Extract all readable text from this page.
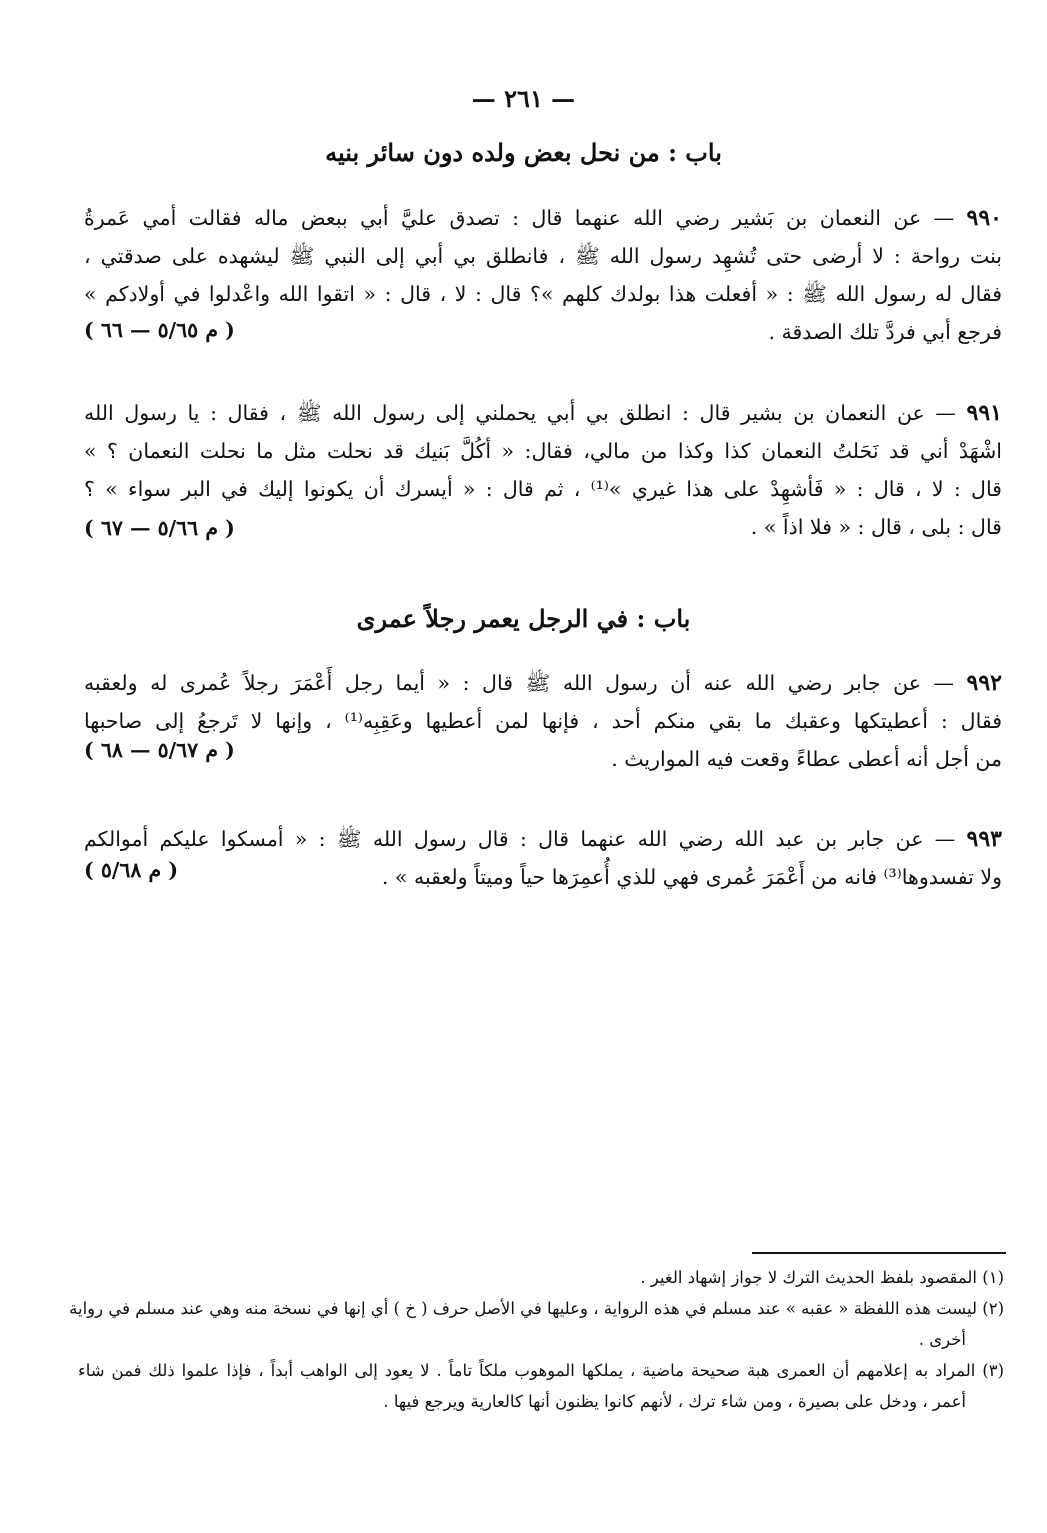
— ٢٦١ —
باب : من نحل بعض ولده دون سائر بنيه
٩٩٠ — عن النعمان بن بَشير رضي الله عنهما قال : تصدق عليَّ أبي ببعض ماله فقالت أمي عَمرةُ
بنت رواحة : لا أرضى حتى تُشهِد رسول الله ﷺ ، فانطلق بي أبي إلى النبي ﷺ ليشهده على صدقتي ،
فقال له رسول الله ﷺ : « أفعلت هذا بولدك كلهم »؟ قال : لا ، قال : « اتقوا الله واعْدلوا في أولادكم »
فرجع أبي فردَّ تلك الصدقة .
( م ٥/٦٥ — ٦٦ )
٩٩١ — عن النعمان بن بشير قال : انطلق بي أبي يحملني إلى رسول الله ﷺ ، فقال : يا رسول الله
اشْهَدْ أني قد نَحَلتُ النعمان كذا وكذا من مالي، فقال: « أكُلَّ بَنيك قد نحلت مثل ما نحلت النعمان ؟ »
قال : لا ، قال : « فَأشهِدْ على هذا غيري »⁽¹⁾ ، ثم قال : « أيسرك أن يكونوا إليك في البر سواء » ؟
قال : بلى ، قال : « فلا اذاً » .
( م ٥/٦٦ — ٦٧ )
باب : في الرجل يعمر رجلاً عمرى
٩٩٢ — عن جابر رضي الله عنه أن رسول الله ﷺ قال : « أيما رجل أَعْمَرَ رجلاً عُمرى له ولعقبه
فقال : أعطيتكها وعقبك ما بقي منكم أحد ، فإنها لمن أعطيها وعَقِبِه⁽¹⁾ ، وإنها لا تَرجعُ إلى صاحبها
من أجل أنه أعطى عطاءً وقعت فيه المواريث .
( م ٥/٦٧ — ٦٨ )
٩٩٣ — عن جابر بن عبد الله رضي الله عنهما قال : قال رسول الله ﷺ : « أمسكوا عليكم أموالكم
ولا تفسدوها⁽³⁾ فانه من أَعْمَرَ عُمرى فهي للذي أُعمِرَها حياً وميتاً ولعقبه » .
( م ٥/٦٨ )
(١) المقصود بلفظ الحديث الترك لا جواز إشهاد الغير .
(٢) ليست هذه اللفظة « عقبه » عند مسلم في هذه الرواية ، وعليها في الأصل حرف ( خ ) أي إنها في نسخة منه وهي عند مسلم في رواية
أخرى .
(٣) المراد به إعلامهم أن العمرى هبة صحيحة ماضية ، يملكها الموهوب ملكاً تاماً . لا يعود إلى الواهب أبداً ، فإذا علموا ذلك فمن شاء
أعمر ، ودخل على بصيرة ، ومن شاء ترك ، لأنهم كانوا يظنون أنها كالعارية ويرجع فيها .
